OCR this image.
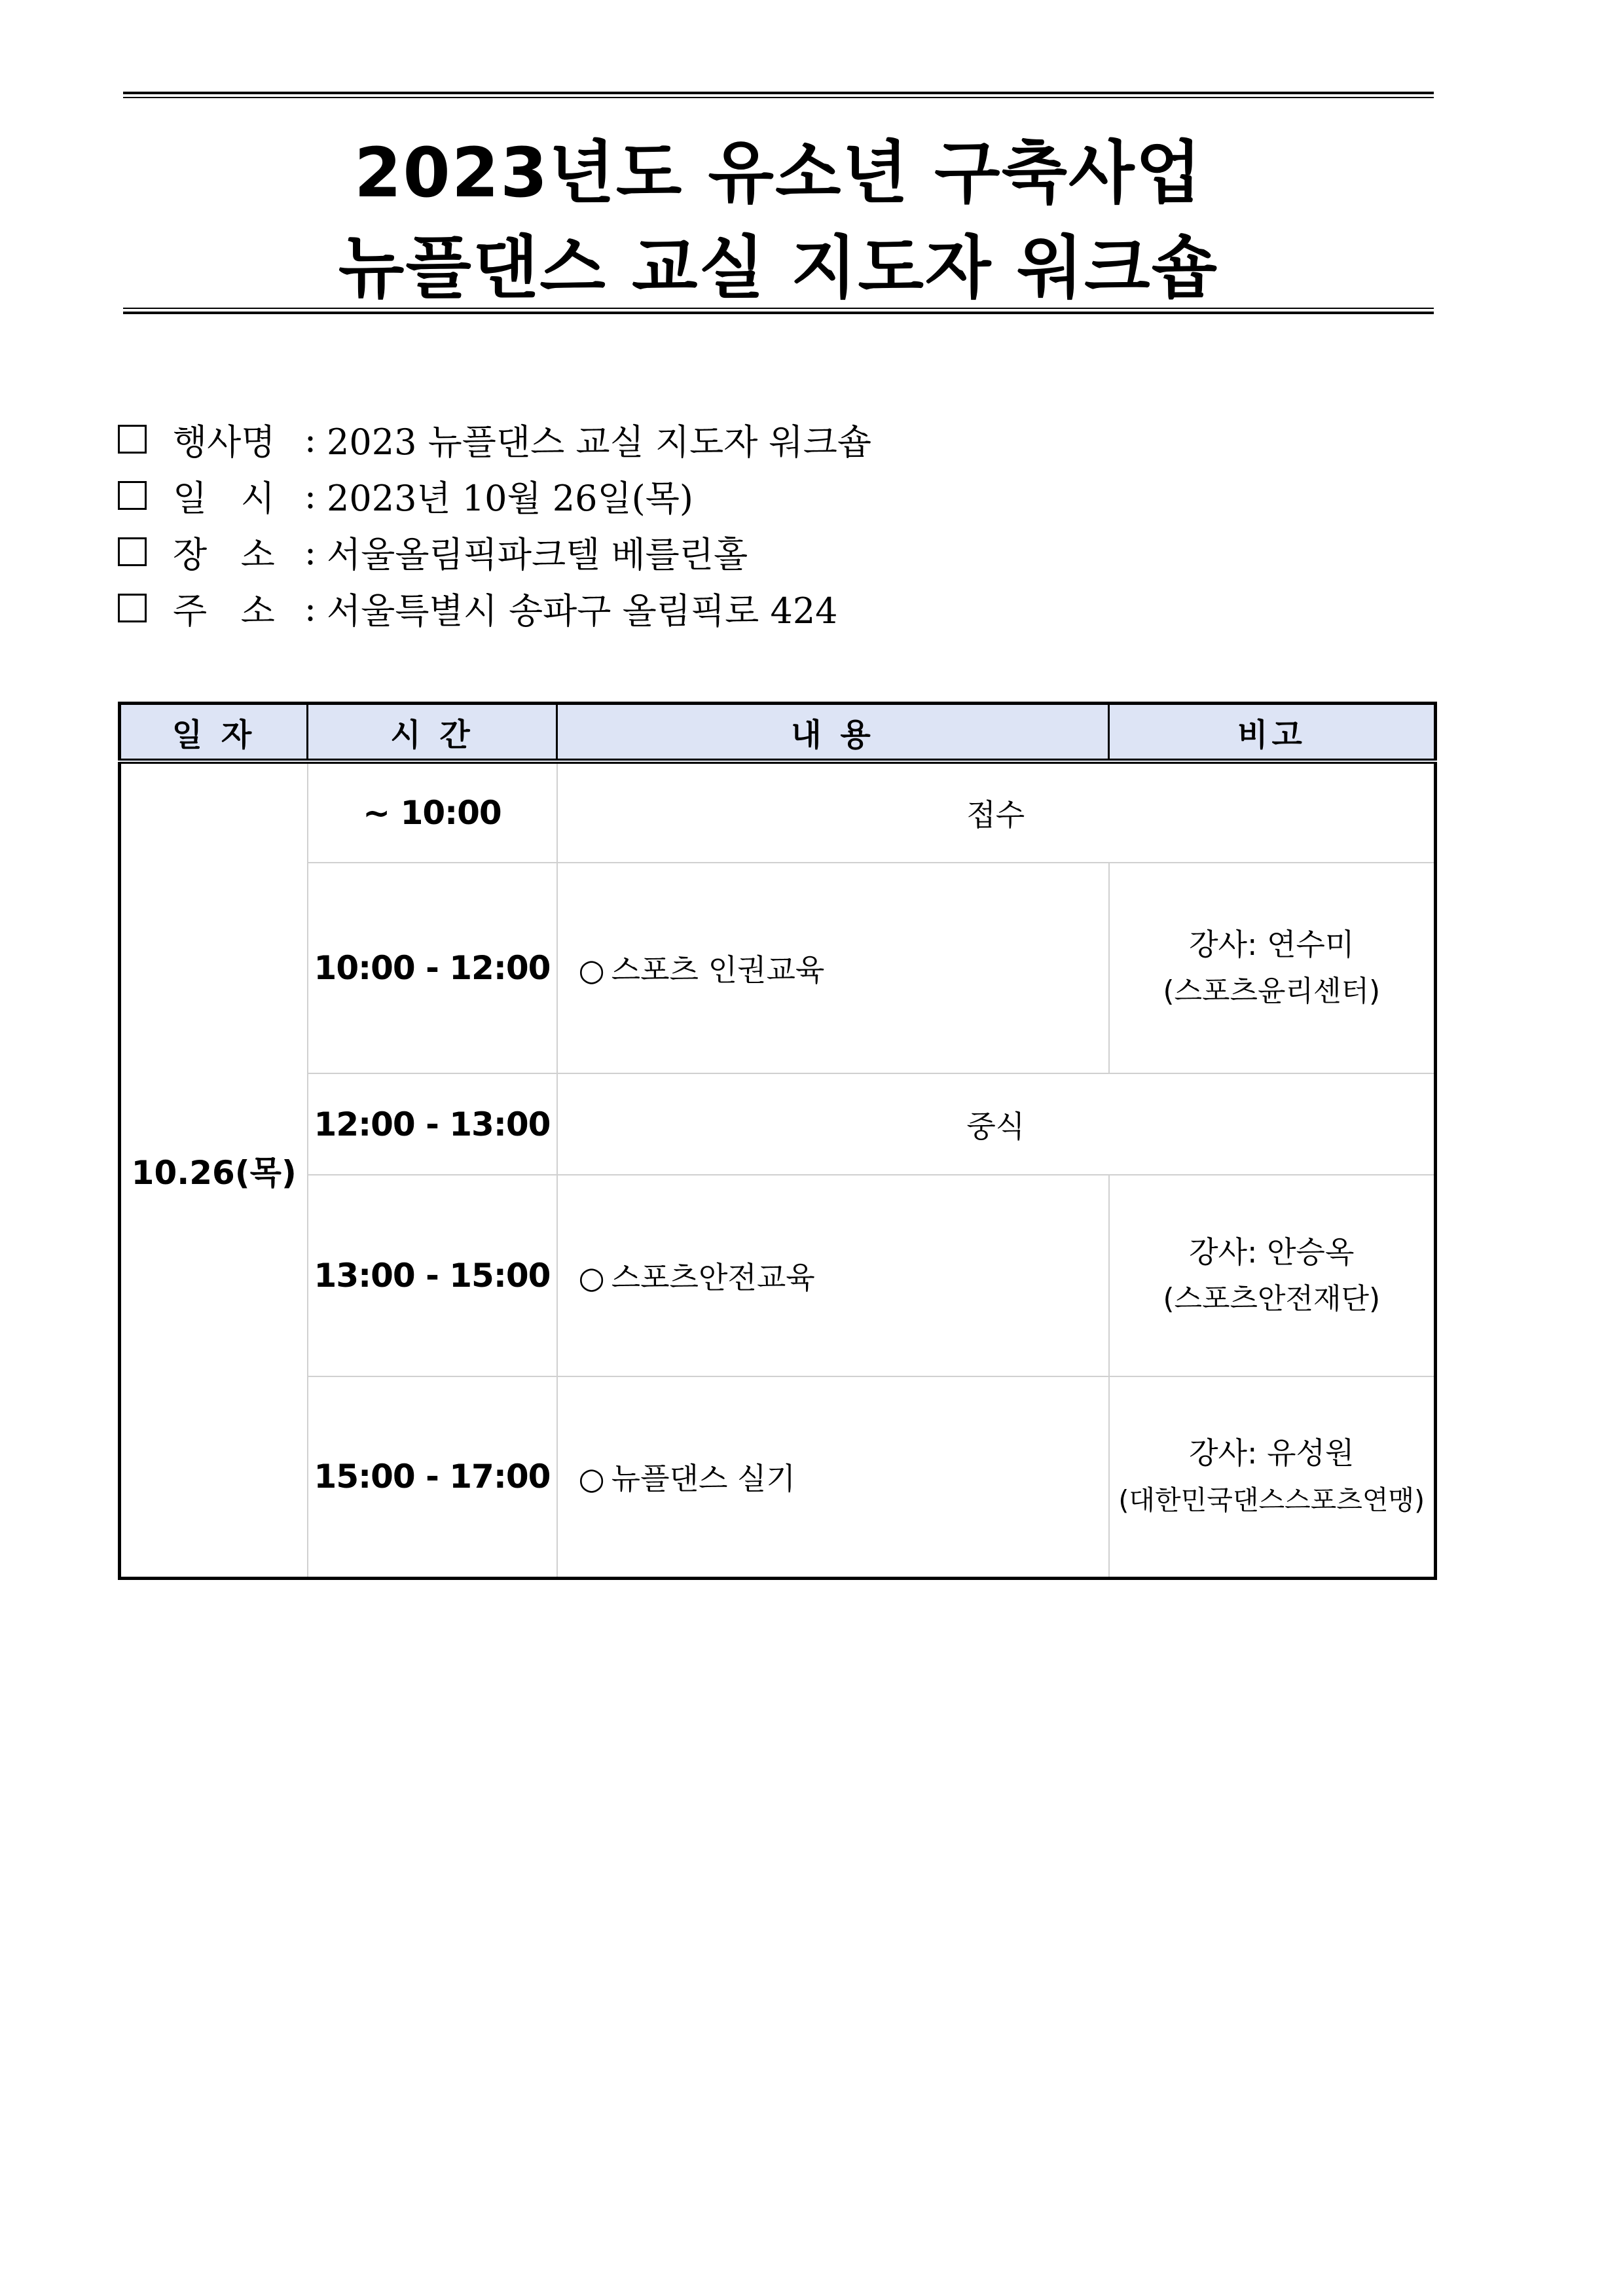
2023년도 유소년 구축사업
뉴플댄스 교실 지도자 워크숍
행사명 : 2023 뉴플댄스 교실 지도자 워크숍
일   시 : 2023년 10월 26일(목)
장   소 : 서울올림픽파크텔 베를린홀
주   소 : 서울특별시 송파구 올림픽로 424
일 자	시 간	내 용	비고
10.26(목)	~ 10:00	접수	
	10:00 - 12:00	○ 스포츠 인권교육	강사: 연수미
(스포츠윤리센터)

	12:00 - 13:00	중식	
	13:00 - 15:00	○ 스포츠안전교육	강사: 안승옥
(스포츠안전재단)

	15:00 - 17:00	○ 뉴플댄스 실기	강사: 유성원
(대한민국댄스스포츠연맹)
